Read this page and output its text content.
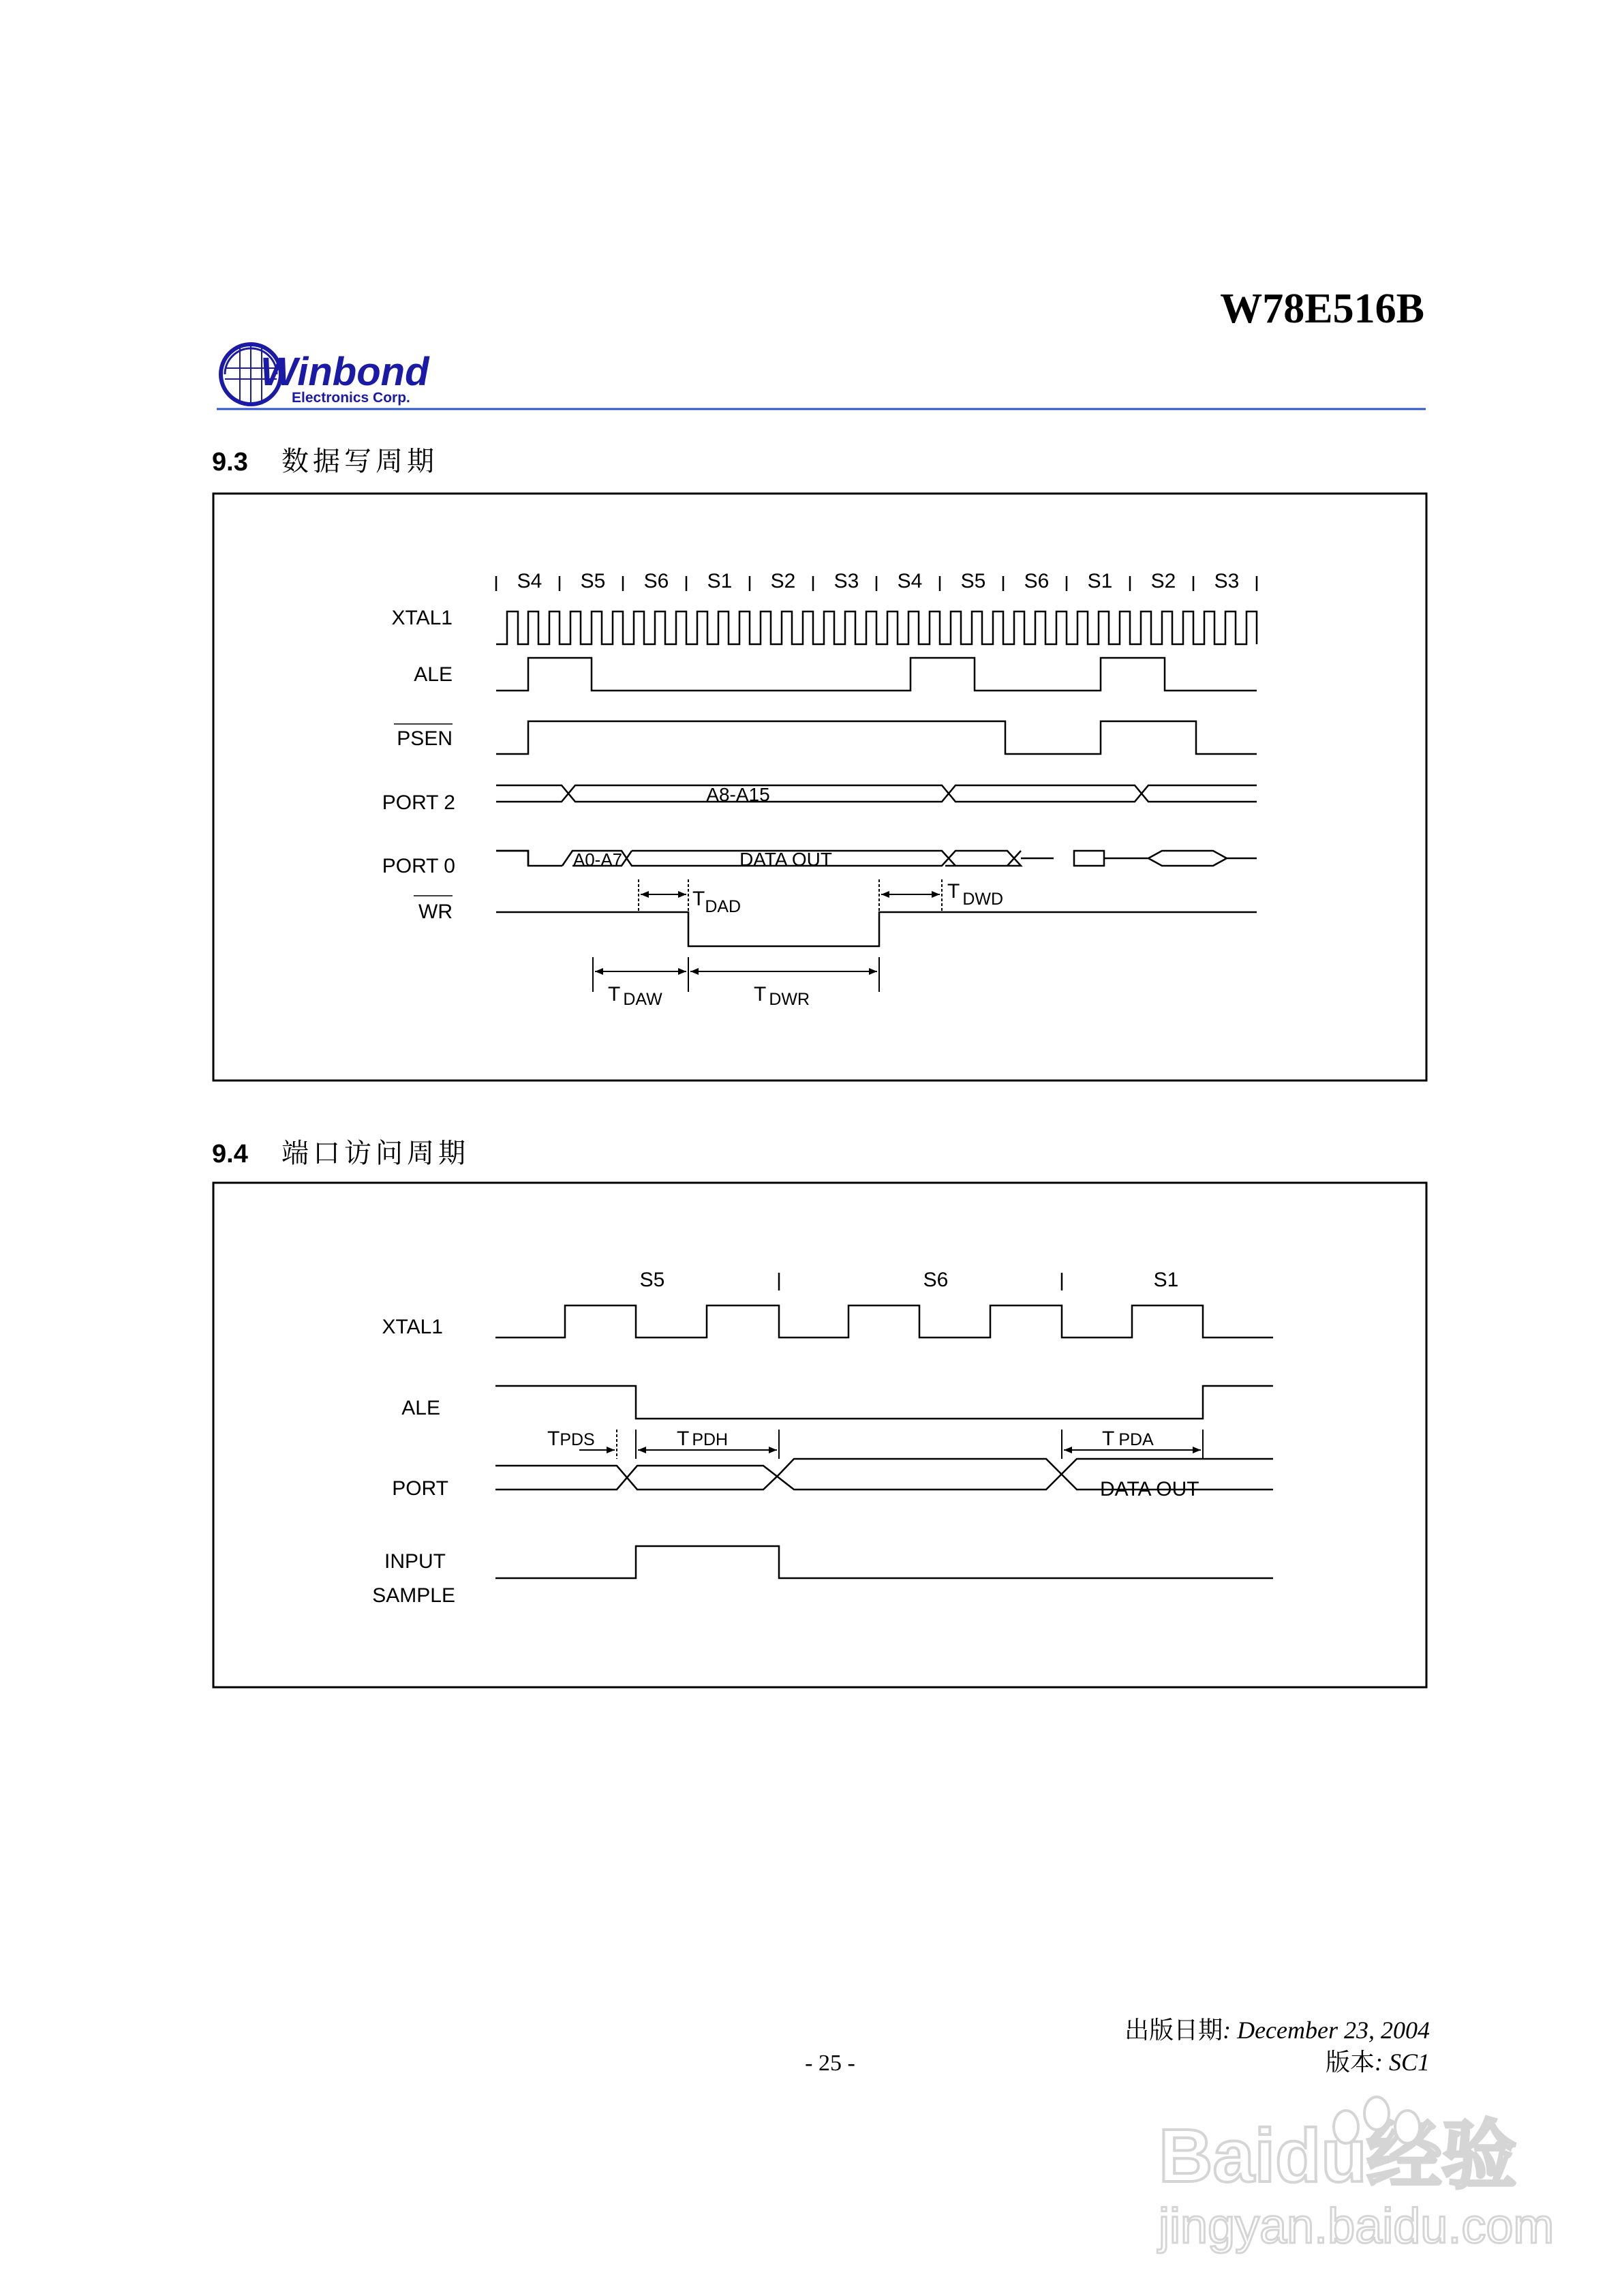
W78E516B
Winbond
Electronics Corp.
9.3 数据写周期
S4 S5 S6 S1 S2 S3 S4 S5 S6 S1 S2 S3
XTAL1
ALE
PSEN
PORT 2
PORT 0
WR
A8-A15
A0-A7	DATA OUT
$T_{DAD}$
T $_{DWD}$
T $_{DAW}$	T $_{DWR}$
9.4 端口访问周期
S5	S6	S1
XTAL1
ALE
PORT
INPUT
SAMPLE
TPDS	T PDH	T PDA
DATA OUT
- 25 -
出版日期: December 23, 2004
版本: SC1
Baidu经验
jingyan.baidu.com
